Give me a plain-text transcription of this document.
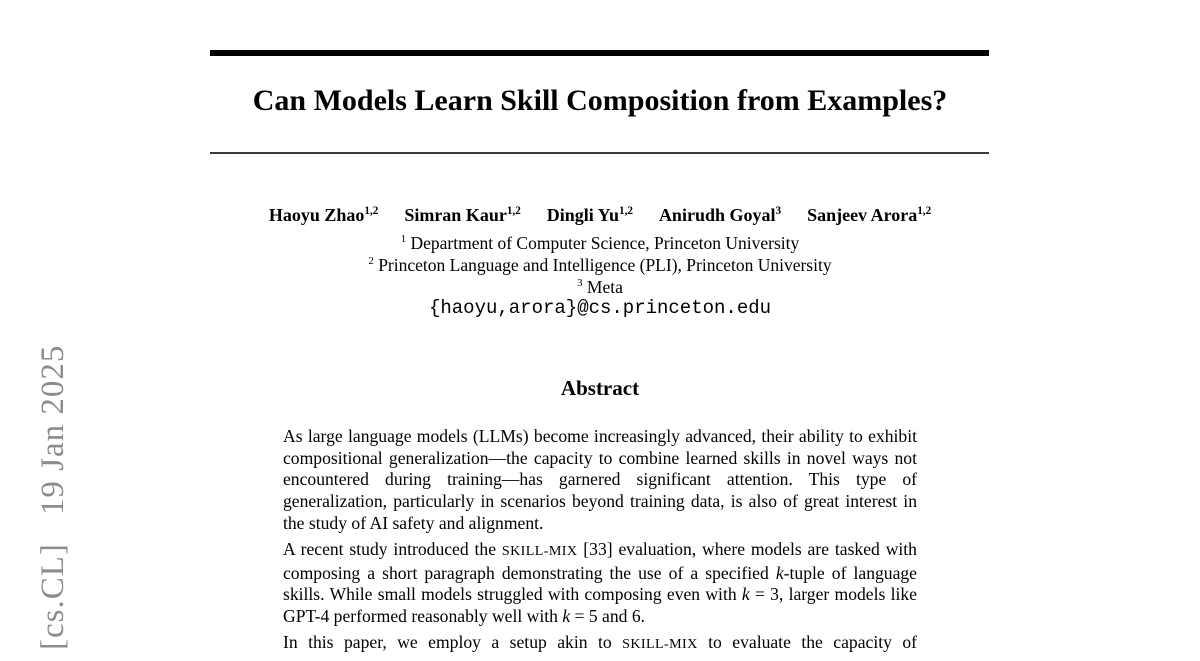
[cs.CL]19 Jan 2025
Can Models Learn Skill Composition from Examples?
Haoyu Zhao$^{1,2}$ Simran Kaur$^{1,2}$ Dingli Yu$^{1,2}$ Anirudh Goyal$^3$ Sanjeev Arora$^{1,2}$
$^1$ Department of Computer Science, Princeton University
$^2$ Princeton Language and Intelligence (PLI), Princeton University
$^3$ Meta
{haoyu,arora}@cs.princeton.edu
Abstract

As large language models (LLMs) become increasingly advanced, their ability to exhibit compositional generalization—the capacity to combine learned skills in novel ways not encountered during training—has garnered significant attention. This type of generalization, particularly in scenarios beyond training data, is also of great interest in the study of AI safety and alignment.

A recent study introduced the SKILL-MIX [33] evaluation, where models are tasked with composing a short paragraph demonstrating the use of a specified k-tuple of language skills. While small models struggled with composing even with k = 3, larger models like GPT-4 performed reasonably well with k = 5 and 6.

In this paper, we employ a setup akin to SKILL-MIX to evaluate the capacity of
